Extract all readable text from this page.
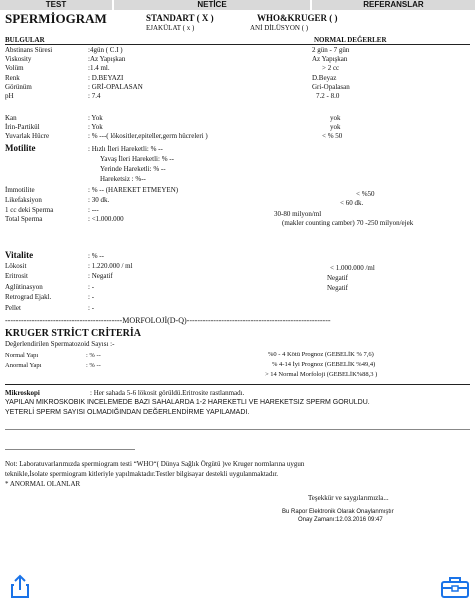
TEST	NETİCE	REFERANSLAR
SPERMİOGRAM	STANDART ( X )	WHO&KRUGER ( )
EJAKÜLAT ( x )	ANİ DİLÜSYON ( )
BULGULAR	NORMAL DEĞERLER
Abstinans Süresi	:4gün ( C.I )	2 gün - 7 gün
Viskosity	:Az Yapışkan	Az Yapışkan
Volüm	:1.4 ml.	> 2 cc
Renk	: D.BEYAZI	D.Beyaz
Görünüm	: GRİ-OPALASAN	Gri-Opalasan
pH	: 7.4	7.2 - 8.0
Kan	: Yok	yok
İrin-Partikül	: Yok	yok
Yuvarlak Hücre	: % ---( lökositler,epiteller,germ hücreleri )	< % 50
Motilite	: Hızlı İleri Hareketli: % --
Yavaş İleri Hareketli: % --
Yerinde Hareketli: % --
Hareketsiz : %--
İmmotilite	: % -- (HAREKET ETMEYEN)	< %50
Likefaksiyon	: 30 dk.	< 60 dk.
1 cc deki Sperma	: ---	30-80 milyon/ml
Total Sperma	: <1.000.000	(makler counting camber) 70 -250 milyon/ejek
Vitalite	: % --
Lökosit	: 1.220.000 / ml	< 1.000.000 /ml
Eritrosit	: Negatif	Negatif
Aglütinasyon	: -	Negatif
Retrograd Ejakl.	: -
Pellet	: -
--------------------------------------------MORFOLOJİ(D-Q)------------------------------------------------------
KRUGER STRİCT CRİTERİA
Değerlendirilen Spermatozoid Sayısı :-
Normal Yapı	: % --
Anormal Yapı	: % --
%0 - 4 Kötü Prognoz (GEBELİK % 7,6)
% 4-14 İyi Prognoz (GEBELİK %49,4)
> 14 Normal Morfoloji (GEBELİK%88,3 )
Mikroskopi	: Her sahada 5-6 lökosit görüldü.Eritrosite rastlanmadı.
YAPILAN MİKROSKOBİK İNCELEMEDE BAZI SAHALARDA 1-2 HAREKETLİ VE HAREKETSİZ SPERM GÖRÜLDÜ.
YETERLİ SPERM SAYISI OLMADIĞINDAN DEĞERLENDİRME YAPILAMADI.
Not: Laboratuvarlarımızda spermiogram testi “WHO“( Dünya Sağlık Örgütü )ve Kruger normlarına uygun
teknikle,İsolate spermiogram kitleriyle yapılmaktadır.Testler bilgisayar destekli uygulanmaktadır.
* ANORMAL OLANLAR
Teşekkür ve saygılarımızla...
Bu Rapor Elektronik Olarak Onaylanmıştır
Onay Zamanı:12.03.2016 09:47
